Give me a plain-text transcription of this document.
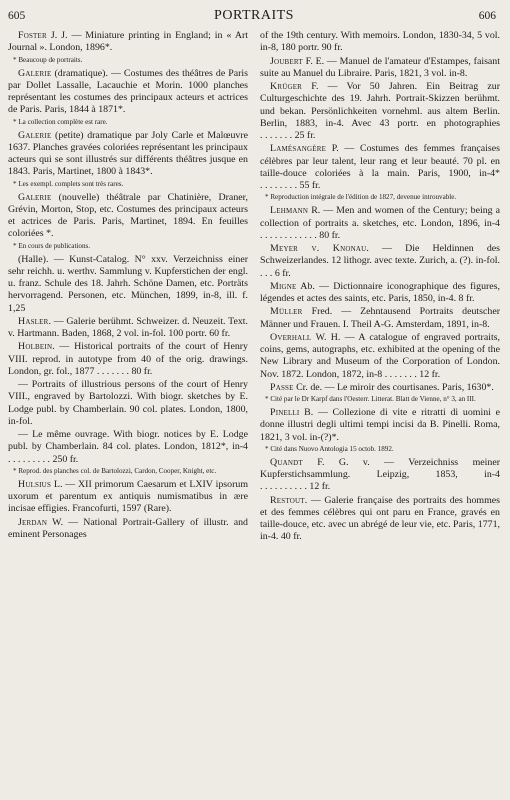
605	PORTRAITS	606

Foster J. J. — Miniature printing in England; in « Art Journal ». London, 1896*.

* Beaucoup de portraits.

Galerie (dramatique). — Costumes des théâtres de Paris par Dollet Lassalle, Lacauchie et Morin. 1000 planches représentant les costumes des principaux acteurs et actrices de Paris. Paris, 1844 à 1871*.

* La collection complète est rare.

Galerie (petite) dramatique par Joly Carle et Malœuvre 1637. Planches gravées coloriées représentant les principaux acteurs qui se sont illustrés sur différents théâtres jusque en 1843. Paris, Martinet, 1800 à 1843*.

* Les exempl. complets sont très rares.

Galerie (nouvelle) théâtrale par Chatinière, Draner, Grévin, Morton, Stop, etc. Costumes des principaux acteurs et actrices de Paris. Paris, Martinet, 1894. En feuilles coloriées *.

* En cours de publications.

(Halle). — Kunst-Catalog. N° xxv. Verzeichniss einer sehr reichh. u. werthv. Sammlung v. Kupferstichen der engl. u. franz. Schule des 18. Jahrh. Schöne Damen, etc. Porträts hervorragend. Personen, etc. München, 1899, in-8, ill. f. 1,25

Hasler. — Galerie berühmt. Schweizer. d. Neuzeit. Text. v. Hartmann. Baden, 1868, 2 vol. in-fol. 100 portr. 60 fr.

Holbein. — Historical portraits of the court of Henry VIII. reprod. in autotype from 40 of the orig. drawings. London, gr. fol., 1877 . . . . . . . 80 fr.

— Portraits of illustrious persons of the court of Henry VIII., engraved by Bartolozzi. With biogr. sketches by E. Lodge publ. by Chamberlain. 90 col. plates. London, 1800, in-fol.

— Le même ouvrage. With biogr. notices by E. Lodge publ. by Chamberlain. 84 col. plates. London, 1812*, in-4 . . . . . . . . . 250 fr.

* Reprod. des planches col. de Bartolozzi, Cardon, Cooper, Knight, etc.

Hulsius L. — XII primorum Caesarum et LXIV ipsorum uxorum et parentum ex antiquis numismatibus in ære incisae effigies. Francofurti, 1597 (Rare).

Jerdan W. — National Portrait-Gallery of illustr. and eminent Personages

of the 19th century. With memoirs. London, 1830-34, 5 vol. in-8, 180 portr. 90 fr.

Joubert F. E. — Manuel de l'amateur d'Estampes, faisant suite au Manuel du Libraire. Paris, 1821, 3 vol. in-8.

Krüger F. — Vor 50 Jahren. Ein Beitrag zur Culturgeschichte des 19. Jahrh. Portrait-Skizzen berühmt. und bekan. Persönlichkeiten vornehml. aus altem Berlin. Berlin, 1883, in-4. Avec 43 portr. en photographies . . . . . . . 25 fr.

Lamésangère P. — Costumes des femmes françaises célèbres par leur talent, leur rang et leur beauté. 70 pl. en taille-douce coloriées à la main. Paris, 1900, in-4* . . . . . . . . 55 fr.

* Reproduction intégrale de l'édition de 1827, devenue introuvable.

Lehmann R. — Men and women of the Century; being a collection of portraits a. sketches, etc. London, 1896, in-4 . . . . . . . . . . . . 80 fr.

Meyer v. Knonau. — Die Heldinnen des Schweizerlandes. 12 lithogr. avec texte. Zurich, a. (?). in-fol. . . . 6 fr.

Migne Ab. — Dictionnaire iconographique des figures, légendes et actes des saints, etc. Paris, 1850, in-4. 8 fr.

Müller Fred. — Zehntausend Portraits deutscher Männer und Frauen. I. Theil A-G. Amsterdam, 1891, in-8.

Overhall W. H. — A catalogue of engraved portraits, coins, gems, autographs, etc. exhibited at the opening of the New Library and Museum of the Corporation of London. Nov. 1872. London, 1872, in-8 . . . . . . . 12 fr.

Passe Cr. de. — Le miroir des courtisanes. Paris, 1630*.

* Cité par le Dr Karpf dans l'Oesterr. Litterat. Blatt de Vienne, n° 3, an III.

Pinelli B. — Collezione di vite e ritratti di uomini e donne illustri degli ultimi tempi incisi da B. Pinelli. Roma, 1821, 3 vol. in-(?)*.

* Cité dans Nuovo Antologia 15 octob. 1892.

Quandt F. G. v. — Verzeichniss meiner Kupferstichsammlung. Leipzig, 1853, in-4 . . . . . . . . . . 12 fr.

Restout. — Galerie française des portraits des hommes et des femmes célèbres qui ont paru en France, gravés en taille-douce, etc. avec un abrégé de leur vie, etc. Paris, 1771, in-4. 40 fr.
